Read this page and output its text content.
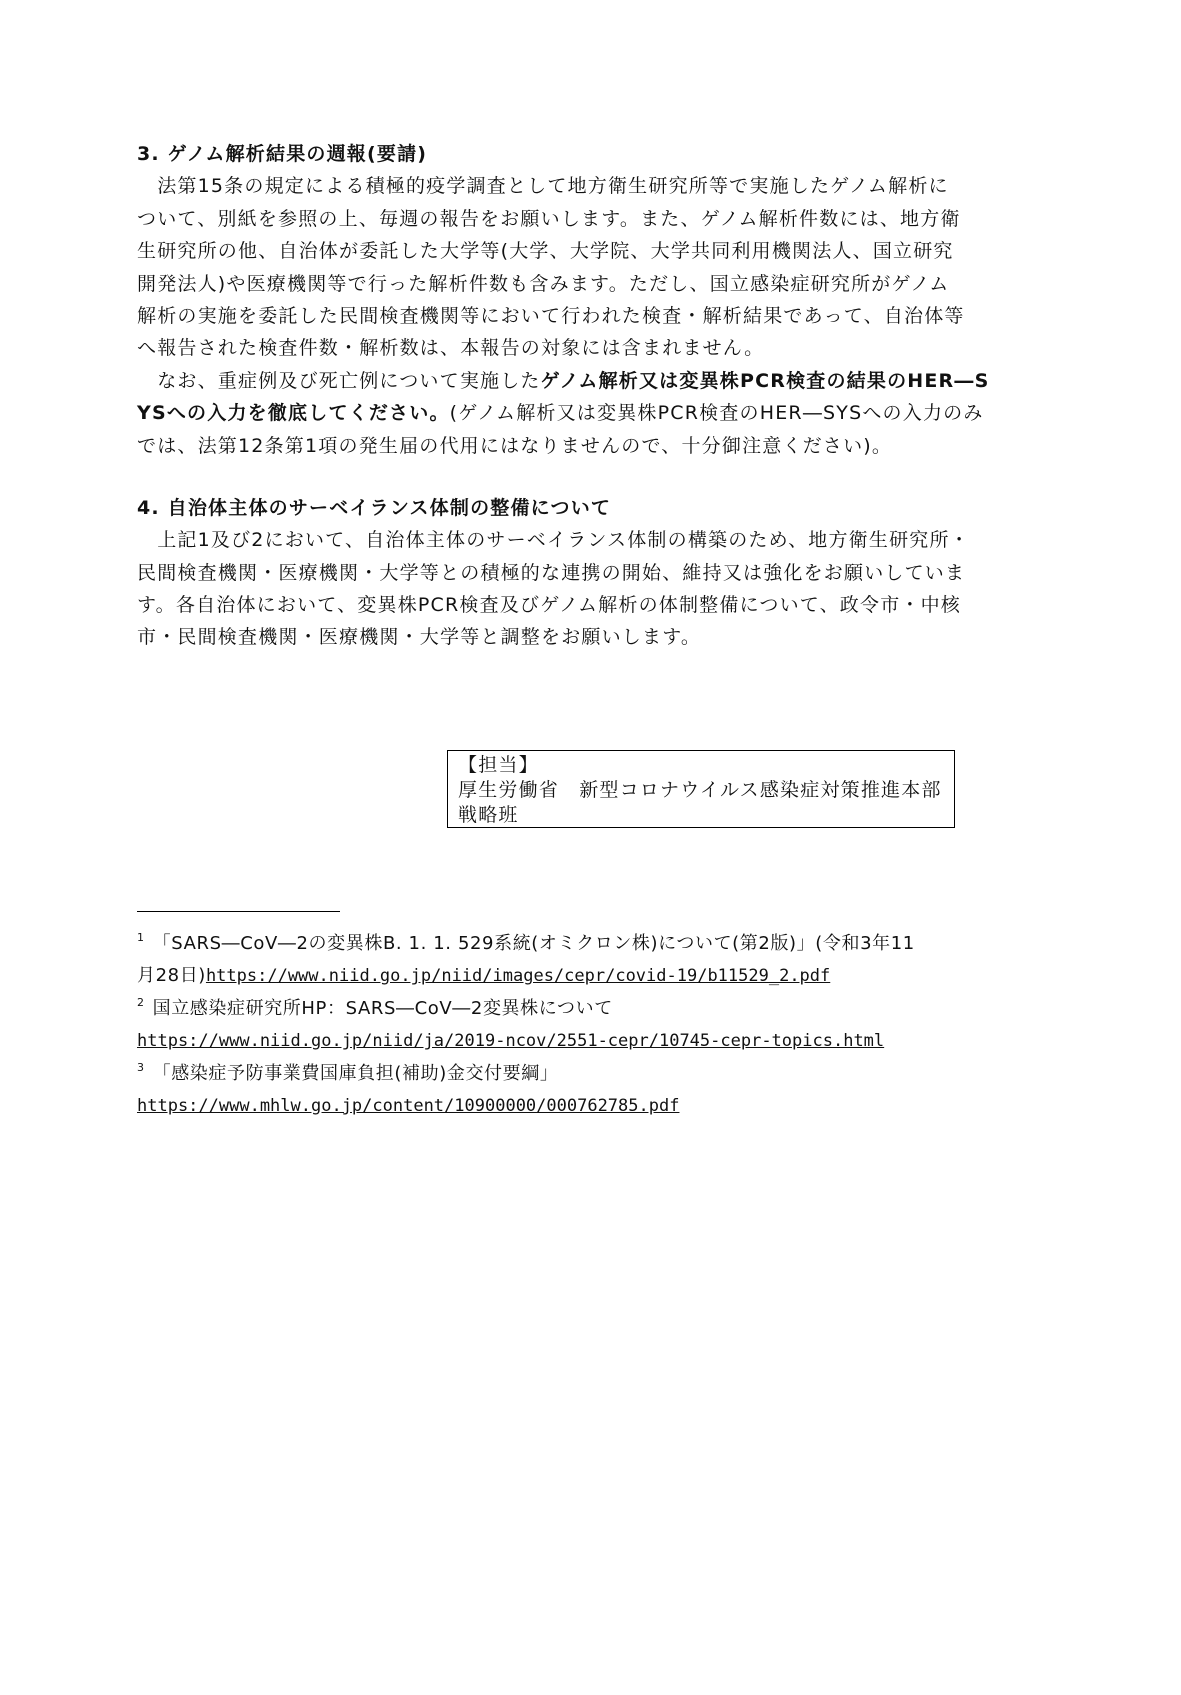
3. ゲノム解析結果の週報(要請)
　法第15条の規定による積極的疫学調査として地方衛生研究所等で実施したゲノム解析に
ついて、別紙を参照の上、毎週の報告をお願いします。また、ゲノム解析件数には、地方衛
生研究所の他、自治体が委託した大学等(大学、大学院、大学共同利用機関法人、国立研究
開発法人)や医療機関等で行った解析件数も含みます。ただし、国立感染症研究所がゲノム
解析の実施を委託した民間検査機関等において行われた検査・解析結果であって、自治体等
へ報告された検査件数・解析数は、本報告の対象には含まれません。
　なお、重症例及び死亡例について実施したゲノム解析又は変異株PCR検査の結果のHER―S
YSへの入力を徹底してください。(ゲノム解析又は変異株PCR検査のHER―SYSへの入力のみ
では、法第12条第1項の発生届の代用にはなりませんので、十分御注意ください)。
4. 自治体主体のサーベイランス体制の整備について
　上記1及び2において、自治体主体のサーベイランス体制の構築のため、地方衛生研究所・
民間検査機関・医療機関・大学等との積極的な連携の開始、維持又は強化をお願いしていま
す。各自治体において、変異株PCR検査及びゲノム解析の体制整備について、政令市・中核
市・民間検査機関・医療機関・大学等と調整をお願いします。
【担当】
厚生労働省　新型コロナウイルス感染症対策推進本部
戦略班
$^1$ 「SARS―CoV―2の変異株B. 1. 1. 529系統(オミクロン株)について(第2版)」(令和3年11
月28日)https://www.niid.go.jp/niid/images/cepr/covid-19/b11529_2.pdf
$^2$ 国立感染症研究所HP：SARS―CoV―2変異株について
https://www.niid.go.jp/niid/ja/2019-ncov/2551-cepr/10745-cepr-topics.html
$^3$ 「感染症予防事業費国庫負担(補助)金交付要綱」
https://www.mhlw.go.jp/content/10900000/000762785.pdf
